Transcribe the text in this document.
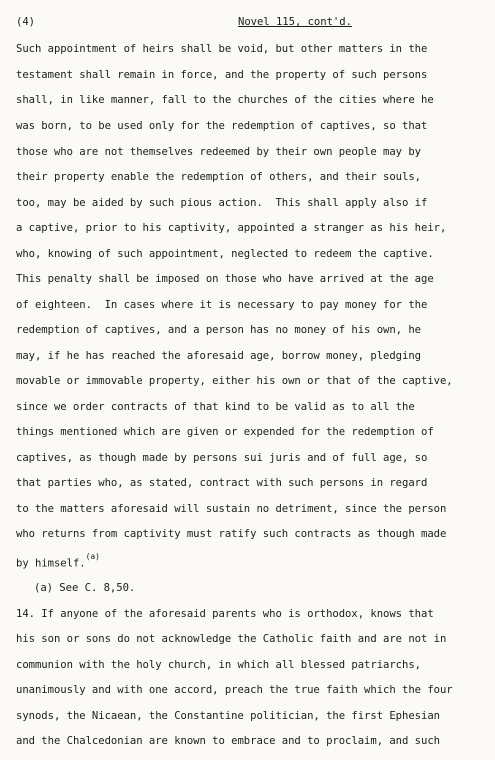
(4)	Novel 115, cont'd.
Such appointment of heirs shall be void, but other matters in the
testament shall remain in force, and the property of such persons
shall, in like manner, fall to the churches of the cities where he
was born, to be used only for the redemption of captives, so that
those who are not themselves redeemed by their own people may by
their property enable the redemption of others, and their souls,
too, may be aided by such pious action.  This shall apply also if
a captive, prior to his captivity, appointed a stranger as his heir,
who, knowing of such appointment, neglected to redeem the captive.
This penalty shall be imposed on those who have arrived at the age
of eighteen.  In cases where it is necessary to pay money for the
redemption of captives, and a person has no money of his own, he
may, if he has reached the aforesaid age, borrow money, pledging
movable or immovable property, either his own or that of the captive,
since we order contracts of that kind to be valid as to all the
things mentioned which are given or expended for the redemption of
captives, as though made by persons sui juris and of full age, so
that parties who, as stated, contract with such persons in regard
to the matters aforesaid will sustain no detriment, since the person
who returns from captivity must ratify such contracts as though made
by himself.$^{(a)}$
(a) See C. 8,50.
14. If anyone of the aforesaid parents who is orthodox, knows that
his son or sons do not acknowledge the Catholic faith and are not in
communion with the holy church, in which all blessed patriarchs,
unanimously and with one accord, preach the true faith which the four
synods, the Nicaean, the Constantine politician, the first Ephesian
and the Chalcedonian are known to embrace and to proclaim, and such
